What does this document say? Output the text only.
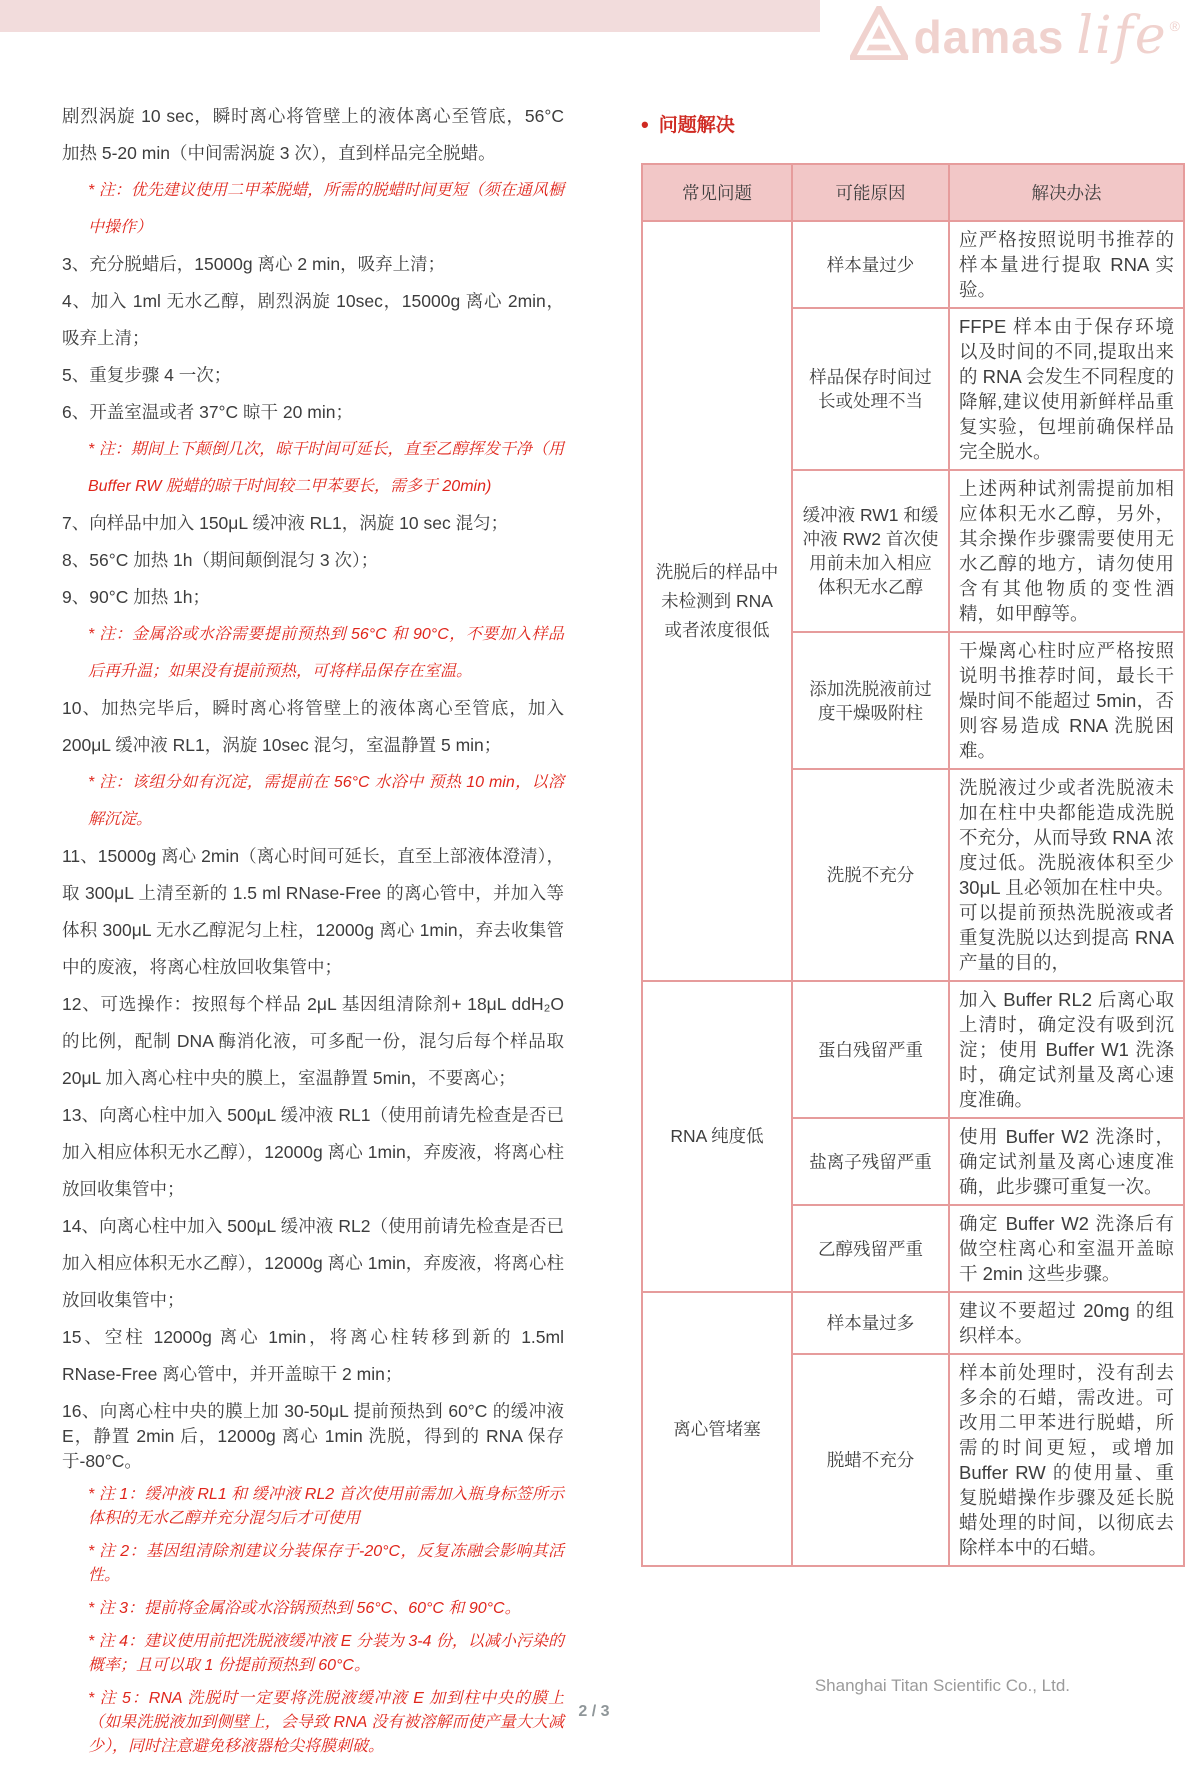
damas life ®
剧烈涡旋 10 sec，瞬时离心将管壁上的液体离心至管底，56°C 加热 5-20 min（中间需涡旋 3 次），直到样品完全脱蜡。
* 注：优先建议使用二甲苯脱蜡，所需的脱蜡时间更短（须在通风橱中操作）
3、充分脱蜡后，15000g 离心 2 min，吸弃上清；
4、加入 1ml 无水乙醇，剧烈涡旋 10sec，15000g 离心 2min，吸弃上清；
5、重复步骤 4 一次；
6、开盖室温或者 37°C 晾干 20 min；
* 注：期间上下颠倒几次，晾干时间可延长，直至乙醇挥发干净（用 Buffer RW 脱蜡的晾干时间较二甲苯要长，需多于 20min)
7、向样品中加入 150μL 缓冲液 RL1，涡旋 10 sec 混匀；
8、56°C 加热 1h（期间颠倒混匀 3 次）；
9、90°C 加热 1h；
* 注：金属浴或水浴需要提前预热到 56°C 和 90°C，不要加入样品后再升温；如果没有提前预热，可将样品保存在室温。
10、加热完毕后，瞬时离心将管壁上的液体离心至管底，加入 200μL 缓冲液 RL1，涡旋 10sec 混匀，室温静置 5 min；
* 注：该组分如有沉淀，需提前在 56°C 水浴中 预热 10 min，以溶解沉淀。
11、15000g 离心 2min（离心时间可延长，直至上部液体澄清），取 300μL 上清至新的 1.5 ml RNase-Free 的离心管中，并加入等体积 300μL 无水乙醇泥匀上柱，12000g 离心 1min，弃去收集管中的废液，将离心柱放回收集管中；
12、可选操作：按照每个样品 2μL 基因组清除剂+ 18μL ddH₂O 的比例，配制 DNA 酶消化液，可多配一份，混匀后每个样品取 20μL 加入离心柱中央的膜上，室温静置 5min，不要离心；
13、向离心柱中加入 500μL 缓冲液 RL1（使用前请先检查是否已加入相应体积无水乙醇），12000g 离心 1min，弃废液，将离心柱放回收集管中；
14、向离心柱中加入 500μL 缓冲液 RL2（使用前请先检查是否已加入相应体积无水乙醇），12000g 离心 1min，弃废液，将离心柱放回收集管中；
15、空柱 12000g 离心 1min，将离心柱转移到新的 1.5ml RNase-Free 离心管中，并开盖晾干 2 min；
16、向离心柱中央的膜上加 30-50μL 提前预热到 60°C 的缓冲液 E，静置 2min 后，12000g 离心 1min 洗脱，得到的 RNA 保存于-80°C。
* 注 1：缓冲液 RL1 和 缓冲液 RL2 首次使用前需加入瓶身标签所示体积的无水乙醇并充分混匀后才可使用
* 注 2：基因组清除剂建议分装保存于-20°C，反复冻融会影响其活性。
* 注 3：提前将金属浴或水浴锅预热到 56°C、60°C 和 90°C。
* 注 4：建议使用前把洗脱液缓冲液 E 分装为 3-4 份，以减小污染的概率；且可以取 1 份提前预热到 60°C。
* 注 5：RNA 洗脱时一定要将洗脱液缓冲液 E 加到柱中央的膜上（如果洗脱液加到侧壁上，会导致 RNA 没有被溶解而使产量大大减少），同时注意避免移液器枪尖将膜刺破。
• 问题解决
常见问题	可能原因	解决办法
洗脱后的样品中未检测到 RNA 或者浓度很低	样本量过少	应严格按照说明书推荐的样本量进行提取 RNA 实验。
	样品保存时间过长或处理不当	FFPE 样本由于保存环境以及时间的不同,提取出来的 RNA 会发生不同程度的降解,建议使用新鲜样品重复实验，包埋前确保样品完全脱水。
	缓冲液 RW1 和缓冲液 RW2 首次使用前未加入相应体积无水乙醇	上述两种试剂需提前加相应体积无水乙醇，另外，其余操作步骤需要使用无水乙醇的地方，请勿使用含有其他物质的变性酒精，如甲醇等。
	添加洗脱液前过度干燥吸附柱	干燥离心柱时应严格按照说明书推荐时间，最长干燥时间不能超过 5min，否则容易造成 RNA 洗脱困难。
	洗脱不充分	洗脱液过少或者洗脱液未加在柱中央都能造成洗脱不充分，从而导致 RNA 浓度过低。洗脱液体积至少 30μL 且必领加在柱中央。可以提前预热洗脱液或者重复洗脱以达到提高 RNA 产量的目的，
RNA 纯度低	蛋白残留严重	加入 Buffer RL2 后离心取上清时，确定没有吸到沉淀；使用 Buffer W1 洗涤时，确定试剂量及离心速度准确。
	盐离子残留严重	使用 Buffer W2 洗涤时，确定试剂量及离心速度准确，此步骤可重复一次。
	乙醇残留严重	确定 Buffer W2 洗涤后有做空柱离心和室温开盖晾干 2min 这些步骤。
离心管堵塞	样本量过多	建议不要超过 20mg 的组织样本。
	脱蜡不充分	样本前处理时，没有刮去多余的石蜡，需改进。可改用二甲苯进行脱蜡，所需的时间更短，或增加 Buffer RW 的使用量、重复脱蜡操作步骤及延长脱蜡处理的时间，以彻底去除样本中的石蜡。
Shanghai Titan Scientific Co., Ltd.
2 / 3
